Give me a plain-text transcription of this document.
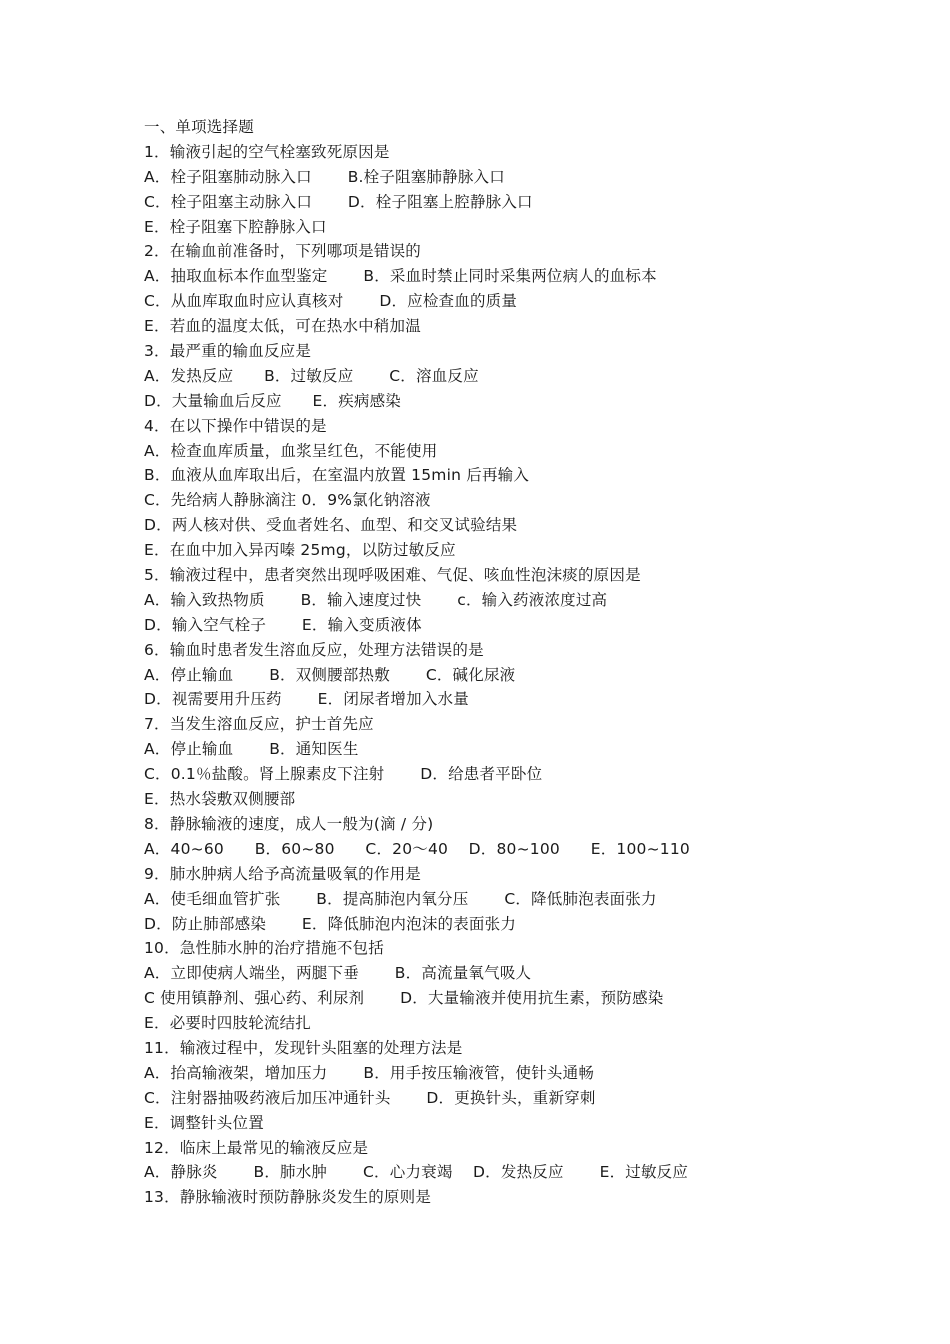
一、单项选择题
1．输液引起的空气栓塞致死原因是
A．栓子阻塞肺动脉入口       B.栓子阻塞肺静脉入口
C．栓子阻塞主动脉入口       D．栓子阻塞上腔静脉入口
E．栓子阻塞下腔静脉入口
2．在输血前准备时，下列哪项是错误的
A．抽取血标本作血型鉴定       B．采血时禁止同时采集两位病人的血标本
C．从血库取血时应认真核对       D．应检查血的质量
E．若血的温度太低，可在热水中稍加温
3．最严重的输血反应是
A．发热反应      B．过敏反应       C．溶血反应
D．大量输血后反应      E．疾病感染
4．在以下操作中错误的是
A．检查血库质量，血浆呈红色，不能使用
B．血液从血库取出后，在室温内放置 15min 后再输入
C．先给病人静脉滴注 0．9%氯化钠溶液
D．两人核对供、受血者姓名、血型、和交叉试验结果
E．在血中加入异丙嗪 25mg，以防过敏反应
5．输液过程中，患者突然出现呼吸困难、气促、咳血性泡沫痰的原因是
A．输入致热物质       B．输入速度过快       c．输入药液浓度过高
D．输入空气栓子       E．输入变质液体
6．输血时患者发生溶血反应，处理方法错误的是
A．停止输血       B．双侧腰部热敷       C．碱化尿液
D．视需要用升压药       E．闭尿者增加入水量
7．当发生溶血反应，护士首先应
A．停止输血       B．通知医生
C．0.1％盐酸。肾上腺素皮下注射       D．给患者平卧位
E．热水袋敷双侧腰部
8．静脉输液的速度，成人一般为(滴 / 分)
A．40~60      B．60~80      C．20～40    D．80~100      E．100~110
9．肺水肿病人给予高流量吸氧的作用是
A．使毛细血管扩张       B．提高肺泡内氧分压       C．降低肺泡表面张力
D．防止肺部感染       E．降低肺泡内泡沫的表面张力
10．急性肺水肿的治疗措施不包括
A．立即使病人端坐，两腿下垂       B．高流量氧气吸人
C 使用镇静剂、强心药、利尿剂       D．大量输液并使用抗生素，预防感染
E．必要时四肢轮流结扎
11．输液过程中，发现针头阻塞的处理方法是
A．抬高输液架，增加压力       B．用手按压输液管，使针头通畅
C．注射器抽吸药液后加压冲通针头       D．更换针头，重新穿刺
E．调整针头位置
12．临床上最常见的输液反应是
A．静脉炎       B．肺水肿       C．心力衰竭    D．发热反应       E．过敏反应
13．静脉输液时预防静脉炎发生的原则是
